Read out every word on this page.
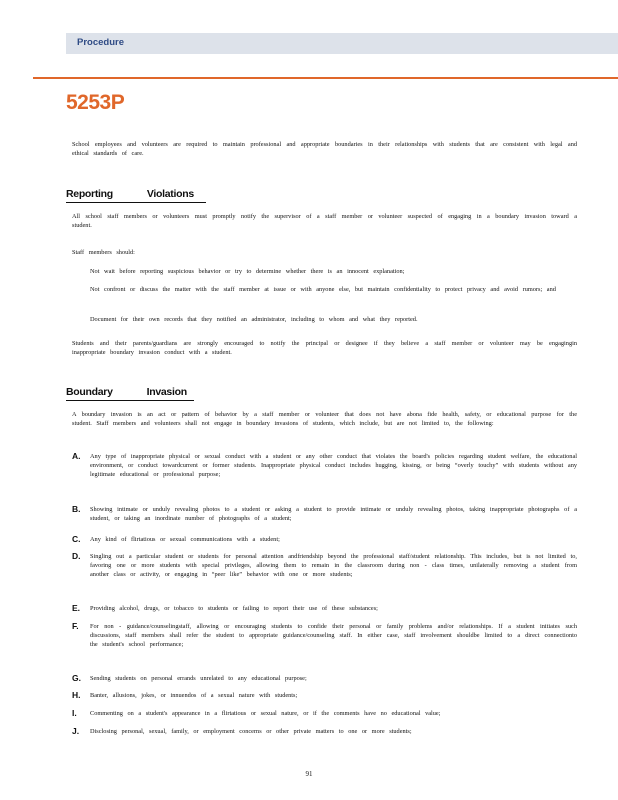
Procedure
5253P
School employees and volunteers are required to maintain professional and appropriate boundaries in their relationships with students that are consistent with legal and ethical standards of care.
Reporting	Violations
All school staff members or volunteers must promptly notify the supervisor of a staff member or volunteer suspected of engaging in a boundary invasion toward a student.
Staff members should:
Not wait before reporting suspicious behavior or try to determine whether there is an innocent explanation;
Not confront or discuss the matter with the staff member at issue or with anyone else, but maintain confidentiality to protect privacy and avoid rumors; and
Document for their own records that they notified an administrator, including to whom and what they reported.
Students and their parents/guardians are strongly encouraged to notify the principal or designee if they believe a staff member or volunteer may be engagingin inappropriate boundary invasion conduct with a student.
Boundary	Invasion
A boundary invasion is an act or pattern of behavior by a staff member or volunteer that does not have abona fide health, safety, or educational purpose for the student. Staff members and volunteers shall not engage in boundary invasions of students, which include, but are not limited to, the following:
A. Any type of inappropriate physical or sexual conduct with a student or any other conduct that violates the board's policies regarding student welfare, the educational environment, or conduct towardcurrent or former students. Inappropriate physical conduct includes hugging, kissing, or being “overly touchy” with students without any legitimate educational or professional purpose;
B. Showing intimate or unduly revealing photos to a student or asking a student to provide intimate or unduly revealing photos, taking inappropriate photographs of a student, or taking an inordinate number of photographs of a student;
C. Any kind of flirtatious or sexual communications with a student;
D. Singling out a particular student or students for personal attention andfriendship beyond the professional staff/student relationship. This includes, but is not limited to, favoring one or more students with special privileges, allowing them to remain in the classroom during non - class times, unilaterally removing a student from another class or activity, or engaging in “peer like” behavior with one or more students;
E. Providing alcohol, drugs, or tobacco to students or failing to report their use of these substances;
F. For non - guidance/counselingstaff, allowing or encouraging students to confide their personal or family problems and/or relationships. If a student initiates such discussions, staff members shall refer the student to appropriate guidance/counseling staff. In either case, staff involvement shouldbe limited to a direct connectionto the student's school performance;
G. Sending students on personal errands unrelated to any educational purpose;
H. Banter, allusions, jokes, or innuendos of a sexual nature with students;
I. Commenting on a student's appearance in a flirtatious or sexual nature, or if the comments have no educational value;
J. Disclosing personal, sexual, family, or employment concerns or other private matters to one or more students;
91
